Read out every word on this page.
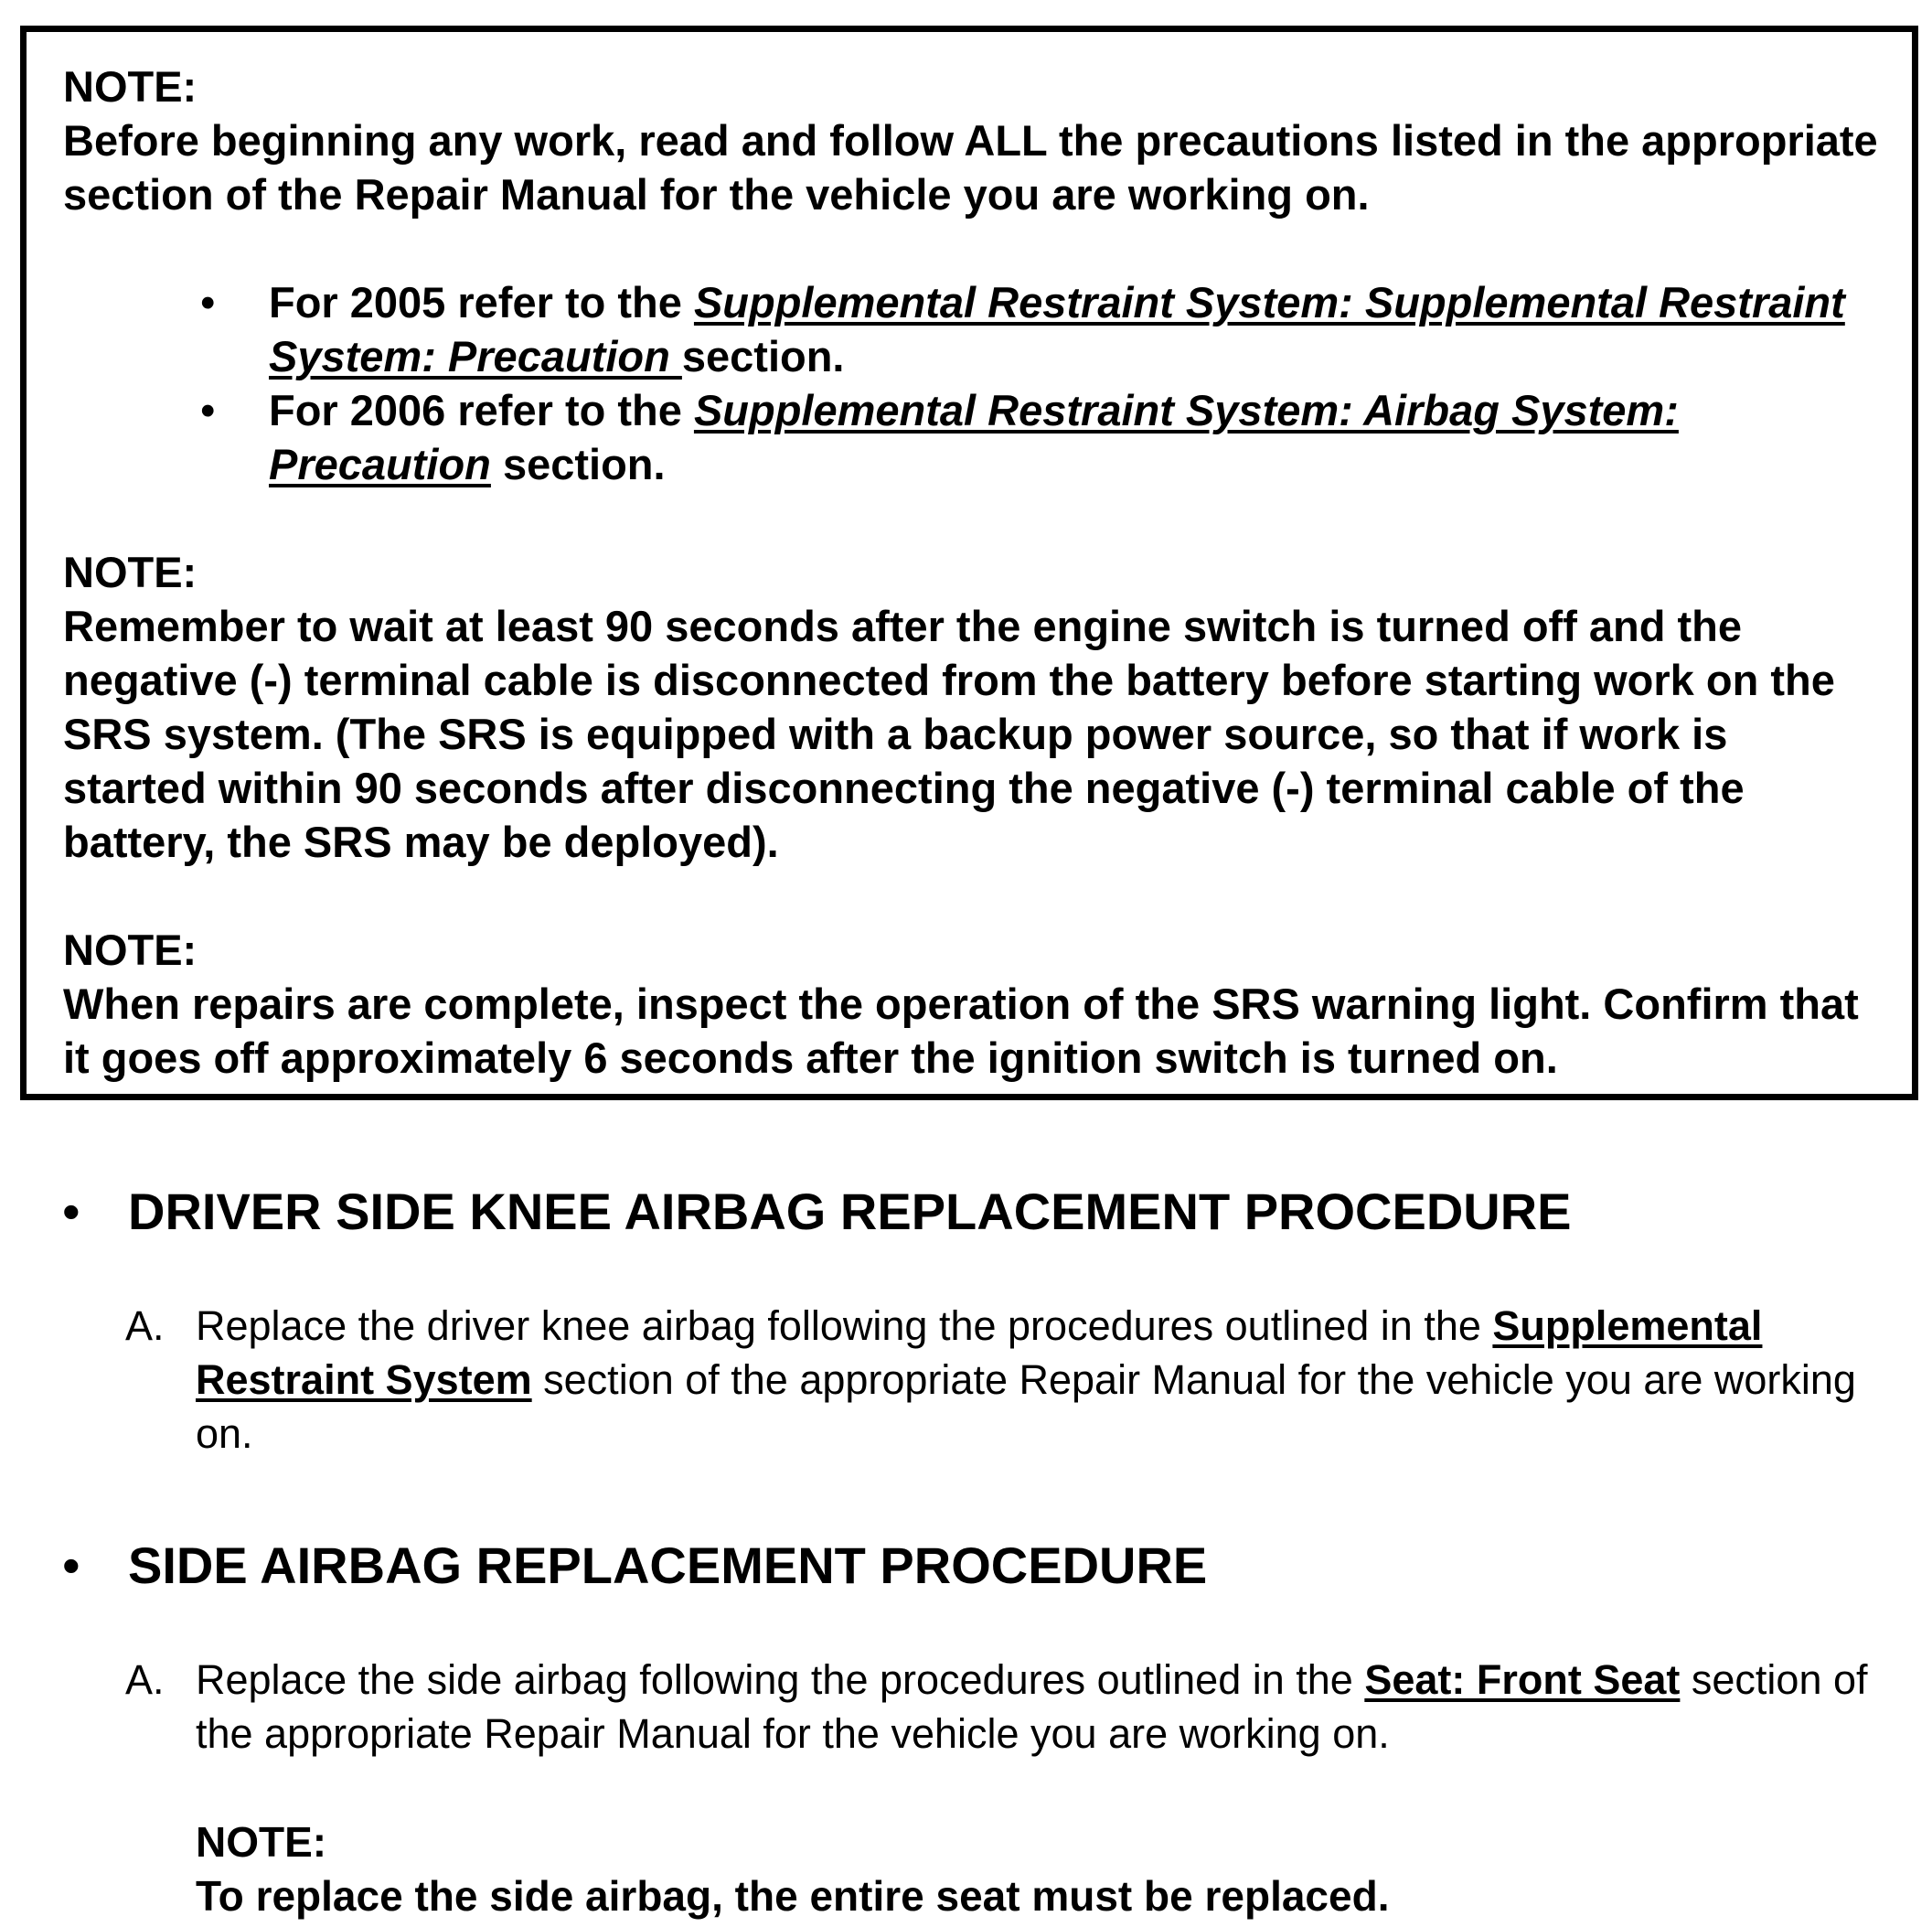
NOTE:
Before beginning any work, read and follow ALL the precautions listed in the appropriate section of the Repair Manual for the vehicle you are working on.
• For 2005 refer to the Supplemental Restraint System: Supplemental Restraint System: Precaution section.
• For 2006 refer to the Supplemental Restraint System: Airbag System: Precaution section.
NOTE:
Remember to wait at least 90 seconds after the engine switch is turned off and the negative (-) terminal cable is disconnected from the battery before starting work on the SRS system. (The SRS is equipped with a backup power source, so that if work is started within 90 seconds after disconnecting the negative (-) terminal cable of the battery, the SRS may be deployed).
NOTE:
When repairs are complete, inspect the operation of the SRS warning light. Confirm that it goes off approximately 6 seconds after the ignition switch is turned on.
• DRIVER SIDE KNEE AIRBAG REPLACEMENT PROCEDURE
A. Replace the driver knee airbag following the procedures outlined in the Supplemental Restraint System section of the appropriate Repair Manual for the vehicle you are working on.
• SIDE AIRBAG REPLACEMENT PROCEDURE
A. Replace the side airbag following the procedures outlined in the Seat: Front Seat section of the appropriate Repair Manual for the vehicle you are working on.
NOTE:
To replace the side airbag, the entire seat must be replaced.
